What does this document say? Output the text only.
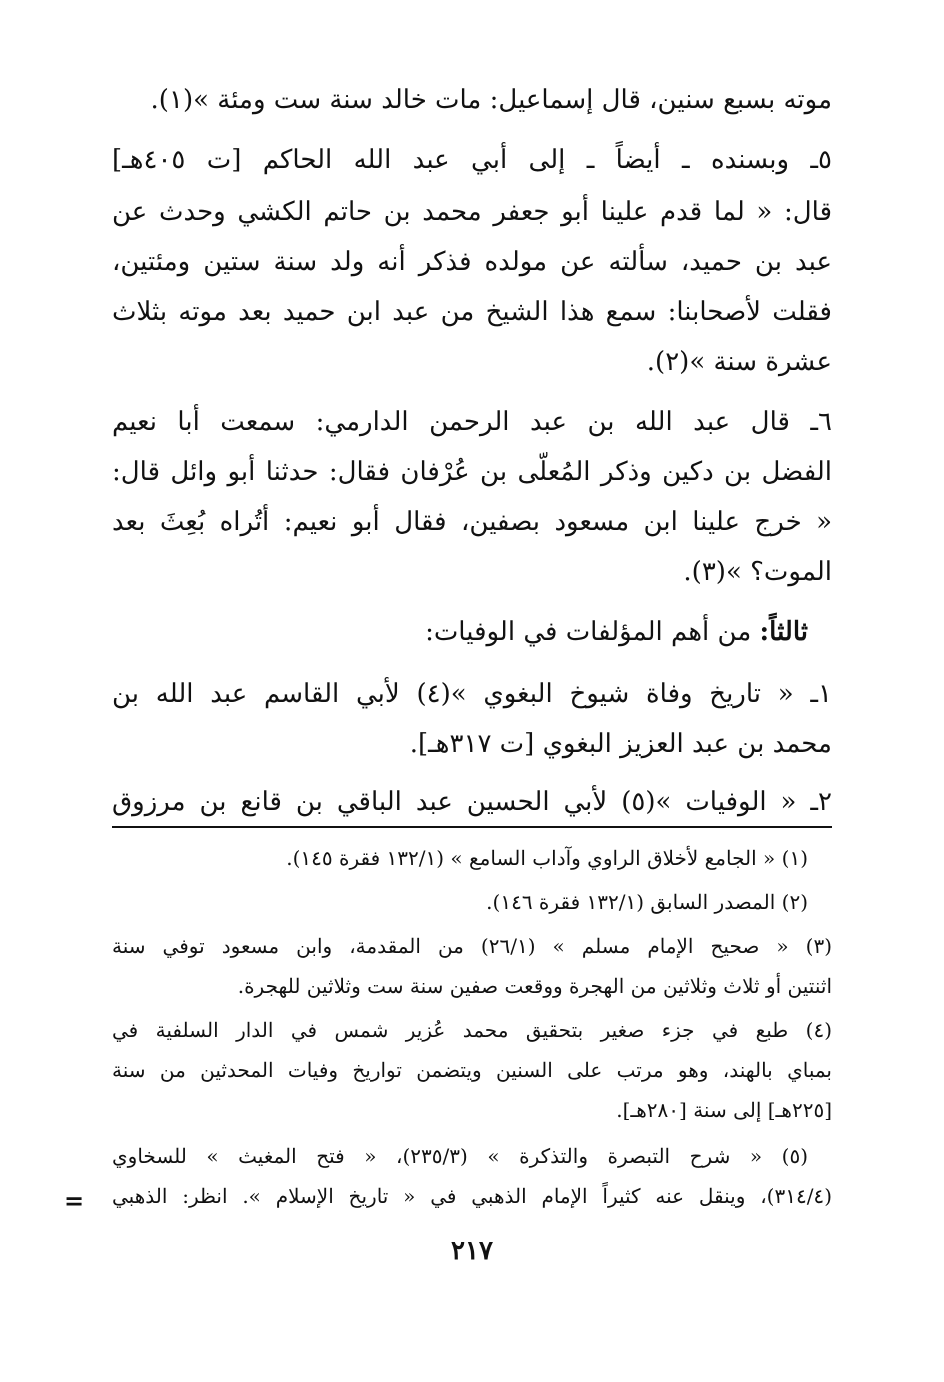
موته بسبع سنين، قال إسماعيل: مات خالد سنة ست ومئة »(١).
٥ـ وبسنده ـ أيضاً ـ إلى أبي عبد الله الحاكم [ت ٤٠٥هـ]
قال: « لما قدم علينا أبو جعفر محمد بن حاتم الكشي وحدث عن
عبد بن حميد، سألته عن مولده فذكر أنه ولد سنة ستين ومئتين،
فقلت لأصحابنا: سمع هذا الشيخ من عبد ابن حميد بعد موته بثلاث
عشرة سنة »(٢).
٦ـ قال عبد الله بن عبد الرحمن الدارمي: سمعت أبا نعيم
الفضل بن دكين وذكر المُعلّى بن عُرْفان فقال: حدثنا أبو وائل قال:
« خرج علينا ابن مسعود بصفين، فقال أبو نعيم: أتُراه بُعِثَ بعد
الموت؟ »(٣).
ثالثاً: من أهم المؤلفات في الوفيات:
١ـ « تاريخ وفاة شيوخ البغوي »(٤) لأبي القاسم عبد الله بن
محمد بن عبد العزيز البغوي [ت ٣١٧هـ].
٢ـ « الوفيات »(٥) لأبي الحسين عبد الباقي بن قانع بن مرزوق
(١) « الجامع لأخلاق الراوي وآداب السامع » (١٣٢/١ فقرة ١٤٥).
(٢) المصدر السابق (١٣٢/١ فقرة ١٤٦).
(٣) « صحيح الإمام مسلم » (٢٦/١) من المقدمة، وابن مسعود توفي سنة
اثنتين أو ثلاث وثلاثين من الهجرة ووقعت صفين سنة ست وثلاثين للهجرة.
(٤) طبع في جزء صغير بتحقيق محمد عُزير شمس في الدار السلفية في
بمباي بالهند، وهو مرتب على السنين ويتضمن تواريخ وفيات المحدثين من سنة
[٢٢٥هـ] إلى سنة [٢٨٠هـ].
(٥) « شرح التبصرة والتذكرة » (٢٣٥/٣)، « فتح المغيث » للسخاوي
(٣١٤/٤)، وينقل عنه كثيراً الإمام الذهبي في « تاريخ الإسلام ». انظر: الذهبي
=
٢١٧
